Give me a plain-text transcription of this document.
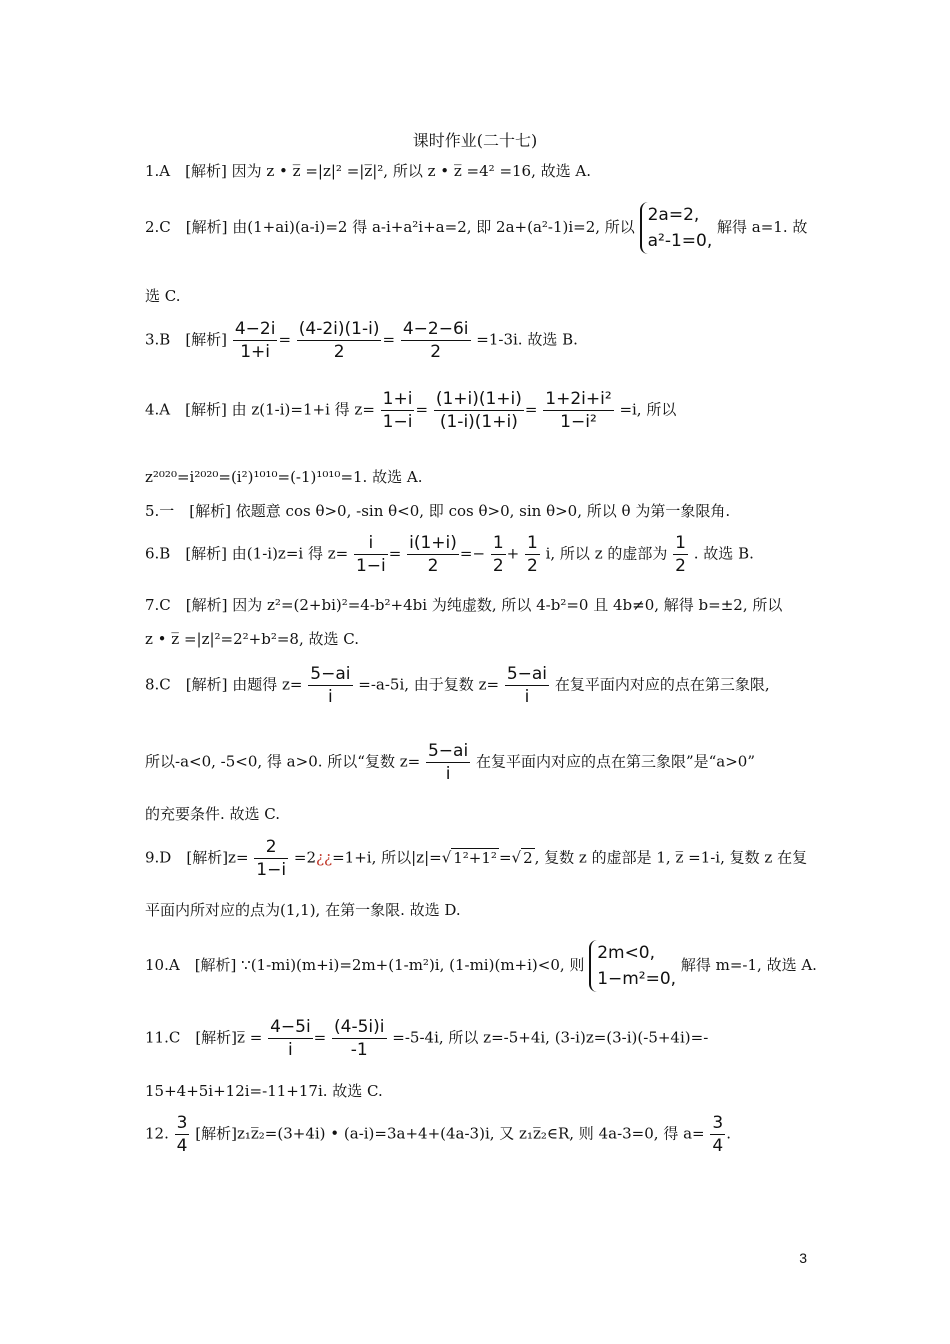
课时作业(二十七)
1.A　[解析] 因为 z • z̅ =|z|² =|z̅|², 所以 z • z̅ =4² =16, 故选 A.
2.C　[解析] 由(1+ai)(a-i)=2 得 a-i+a²i+a=2, 即 2a+(a²-1)i=2, 所以
2a=2,
a²-1=0,
解得 a=1. 故
选 C.
3.B　[解析] $\frac{4-2i}{1+i} = \frac{(4-2i)(1-i)}{2} = \frac{4-2-6i}{2} =1-3i$. 故选 B.
4.A　[解析] 由 z(1-i)=1+i 得 $z= \frac{1+i}{1-i} = \frac{(1+i)(1+i)}{(1-i)(1+i)} = \frac{\text{1+2i+i²}}{\text{1−i²}} =i$, 所以
z²⁰²⁰=i²⁰²⁰=(i²)¹⁰¹⁰=(-1)¹⁰¹⁰=1. 故选 A.
5.一　[解析] 依题意 cos θ>0, -sin θ<0, 即 cos θ>0, sin θ>0, 所以 θ 为第一象限角.
6.B　[解析] 由(1-i)z=i 得 $z= \frac{i}{1-i} = \frac{i(1+i)}{2} =- \frac{1}{2} + \frac{1}{2} i$, 所以 z 的虚部为 $\frac{1}{2}$ . 故选 B.
7.C　[解析] 因为 z²=(2+bi)²=4-b²+4bi 为纯虚数, 所以 4-b²=0 且 4b≠0, 解得 b=±2, 所以
z • z̅ =|z|²=2²+b²=8, 故选 C.
8.C　[解析] 由题得 $z= \frac{5-ai}{i} =-a-5i$, 由于复数 $z= \frac{5-ai}{i}$ 在复平面内对应的点在第三象限,
所以-a<0, -5<0, 得 a>0. 所以“复数 $z= \frac{5-ai}{i}$ 在复平面内对应的点在第三象限”是“a>0”
的充要条件. 故选 C.
9.D　[解析]$z= \frac{2}{1-i}$ =2¿¿=1+i, 所以|z|=√ 1²+1² =√ 2 , 复数 z 的虚部是 1, z̅ =1-i, 复数 z 在复
平面内所对应的点为(1,1), 在第一象限. 故选 D.
10.A　[解析] ∵(1-mi)(m+i)=2m+(1-m²)i, (1-mi)(m+i)<0, 则
2m<0,
1−m²=0,
解得 m=-1, 故选 A.
11.C　[解析]z̅ = $\frac{4-5i}{i} = \frac{(4-5i)i}{-1} =-5-4i$, 所以 z=-5+4i, (3-i)z=(3-i)(-5+4i)=-
15+4+5i+12i=-11+17i. 故选 C.
12. $\frac{3}{4}$ [解析]z₁z̅₂=(3+4i) • (a-i)=3a+4+(4a-3)i, 又 z₁z̅₂∈R, 则 4a-3=0, 得 $a= \frac{3}{4}$ .
3
